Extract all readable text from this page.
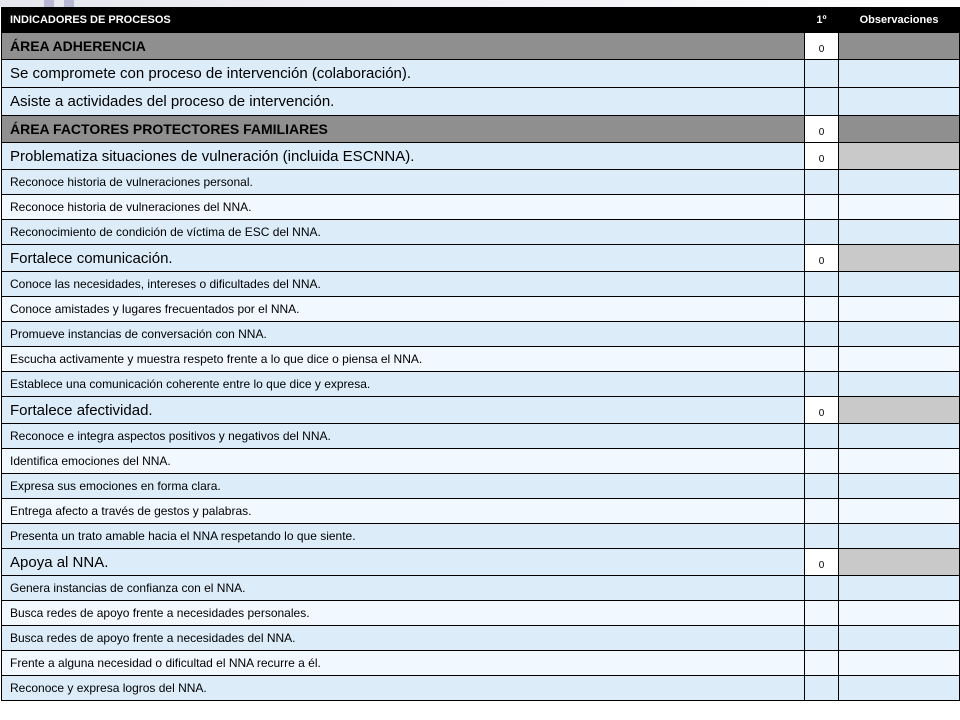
INDICADORES DE PROCESOS	1º	Observaciones
ÁREA ADHERENCIA	0	
Se compromete con proceso de intervención (colaboración).		
Asiste a actividades del proceso de intervención.		
ÁREA FACTORES PROTECTORES FAMILIARES	0	
Problematiza situaciones de vulneración (incluida ESCNNA).	0	
Reconoce historia de vulneraciones personal.		
Reconoce historia de vulneraciones del NNA.		
Reconocimiento de condición de víctima de ESC del NNA.		
Fortalece comunicación.	0	
Conoce las necesidades, intereses o dificultades del NNA.		
Conoce amistades y lugares frecuentados por el NNA.		
Promueve instancias de conversación con NNA.		
Escucha activamente y muestra respeto frente a lo que dice o piensa el NNA.		
Establece una comunicación coherente entre lo que dice y expresa.		
Fortalece afectividad.	0	
Reconoce e integra aspectos positivos y negativos del NNA.		
Identifica emociones del NNA.		
Expresa sus emociones en forma clara.		
Entrega afecto a través de gestos y palabras.		
Presenta un trato amable hacia el NNA respetando lo que siente.		
Apoya al NNA.	0	
Genera instancias de confianza con el NNA.		
Busca redes de apoyo frente a necesidades personales.		
Busca redes de apoyo frente a necesidades del NNA.		
Frente a alguna necesidad o dificultad el NNA recurre a él.		
Reconoce y expresa logros del NNA.		
